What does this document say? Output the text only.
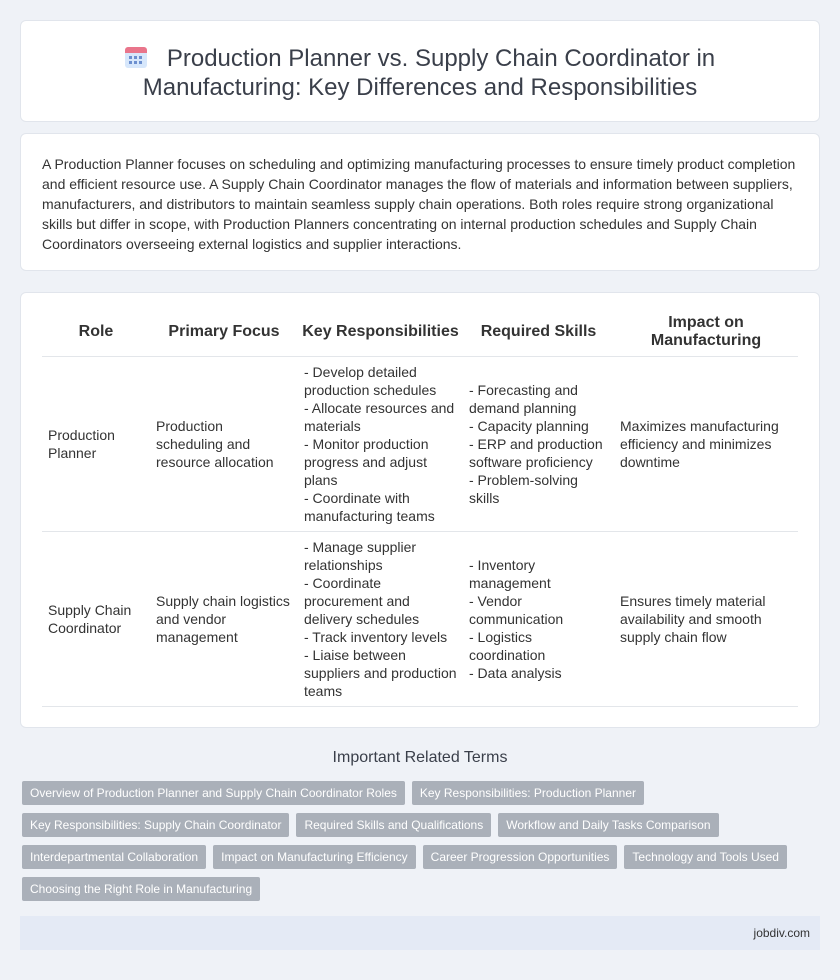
Production Planner vs. Supply Chain Coordinator in
Manufacturing: Key Differences and Responsibilities

A Production Planner focuses on scheduling and optimizing manufacturing processes to ensure timely product completion and efficient resource use. A Supply Chain Coordinator manages the flow of materials and information between suppliers, manufacturers, and distributors to maintain seamless supply chain operations. Both roles require strong organizational skills but differ in scope, with Production Planners concentrating on internal production schedules and Supply Chain Coordinators overseeing external logistics and supplier interactions.

Role	Primary Focus	Key Responsibilities	Required Skills	Impact on Manufacturing
Production Planner	Production scheduling and resource allocation	- Develop detailed production schedules
- Allocate resources and materials
- Monitor production progress and adjust plans
- Coordinate with manufacturing teams	- Forecasting and demand planning
- Capacity planning
- ERP and production software proficiency
- Problem-solving skills	Maximizes manufacturing efficiency and minimizes downtime
Supply Chain Coordinator	Supply chain logistics and vendor management	- Manage supplier relationships
- Coordinate procurement and delivery schedules
- Track inventory levels
- Liaise between suppliers and production teams	- Inventory management
- Vendor communication
- Logistics coordination
- Data analysis	Ensures timely material availability and smooth supply chain flow
Important Related Terms
Overview of Production Planner and Supply Chain Coordinator Roles	Key Responsibilities: Production Planner
Key Responsibilities: Supply Chain Coordinator	Required Skills and Qualifications	Workflow and Daily Tasks Comparison
Interdepartmental Collaboration	Impact on Manufacturing Efficiency	Career Progression Opportunities	Technology and Tools Used
Choosing the Right Role in Manufacturing
jobdiv.com
